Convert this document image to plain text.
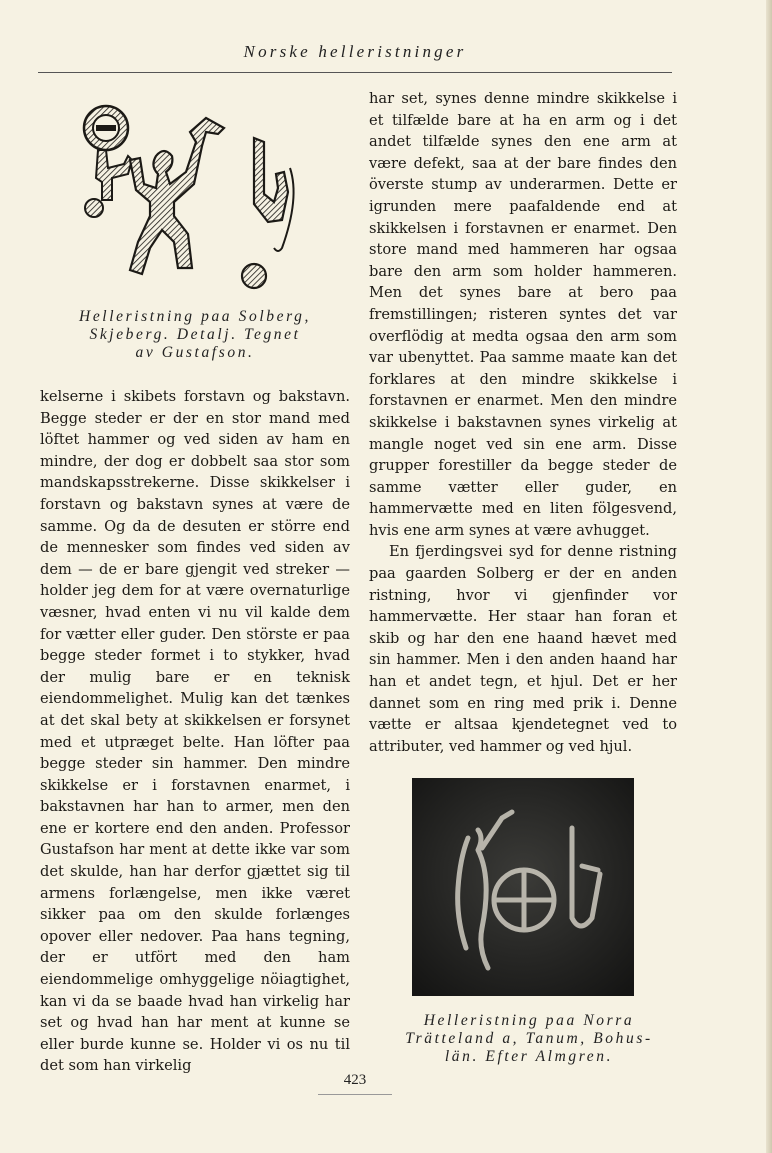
Norske helleristninger
Helleristning paa Solberg,
Skjeberg. Detalj. Tegnet
av Gustafson.

kelserne i skibets forstavn og bakstavn. Begge steder er der en stor mand med löftet hammer og ved siden av ham en mindre, der dog er dobbelt saa stor som mandskapsstrekerne. Disse skikkelser i forstavn og bakstavn synes at være de samme. Og da de desuten er större end de mennesker som findes ved siden av dem — de er bare gjengit ved streker — holder jeg dem for at være overnaturlige væsner, hvad enten vi nu vil kalde dem for vætter eller guder. Den störste er paa begge steder formet i to stykker, hvad der mulig bare er en teknisk eiendommelighet. Mulig kan det tænkes at det skal bety at skikkelsen er forsynet med et utpræget belte. Han löfter paa begge steder sin hammer. Den mindre skikkelse er i forstavnen enarmet, i bakstavnen har han to armer, men den ene er kortere end den anden. Professor Gustafson har ment at dette ikke var som det skulde, han har derfor gjættet sig til armens forlængelse, men ikke været sikker paa om den skulde forlænges opover eller nedover. Paa hans tegning, der er utfört med den ham eiendommelige omhyggelige nöiagtighet, kan vi da se baade hvad han virkelig har set og hvad han har ment at kunne se eller burde kunne se. Holder vi os nu til det som han virkelig

har set, synes denne mindre skikkelse i et tilfælde bare at ha en arm og i det andet tilfælde synes den ene arm at være defekt, saa at der bare findes den överste stump av underarmen. Dette er igrunden mere paafaldende end at skikkelsen i forstavnen er enarmet. Den store mand med hammeren har ogsaa bare den arm som holder hammeren. Men det synes bare at bero paa fremstillingen; risteren syntes det var overflödig at medta ogsaa den arm som var ubenyttet. Paa samme maate kan det forklares at den mindre skikkelse i forstavnen er enarmet. Men den mindre skikkelse i bakstavnen synes virkelig at mangle noget ved sin ene arm. Disse grupper forestiller da begge steder de samme vætter eller guder, en hammervætte med en liten fölgesvend, hvis ene arm synes at være avhugget.

En fjerdingsvei syd for denne ristning paa gaarden Solberg er der en anden ristning, hvor vi gjenfinder vor hammervætte. Her staar han foran et skib og har den ene haand hævet med sin hammer. Men i den anden haand har han et andet tegn, et hjul. Det er her dannet som en ring med prik i. Denne vætte er altsaa kjendetegnet ved to attributer, ved hammer og ved hjul.

Helleristning paa Norra
Trätteland a, Tanum, Bohus-
län. Efter Almgren.
423
